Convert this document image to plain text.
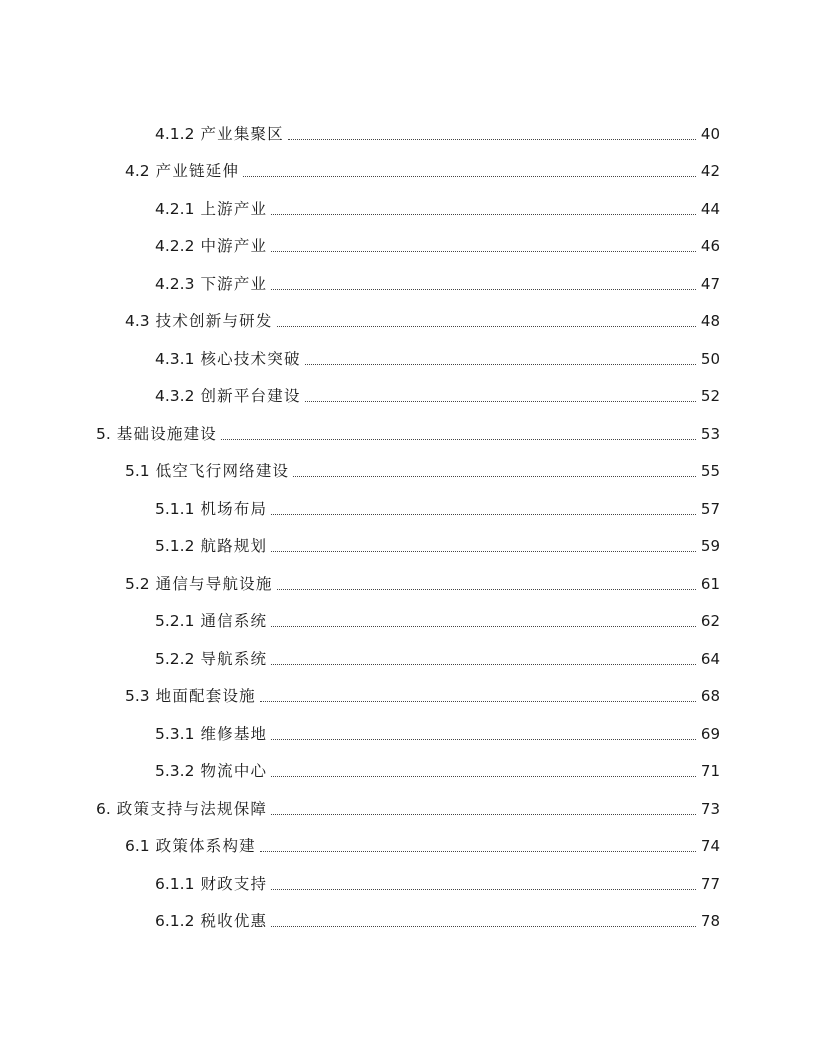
4.1.2 产业集聚区	40
4.2 产业链延伸	42
4.2.1 上游产业	44
4.2.2 中游产业	46
4.2.3 下游产业	47
4.3 技术创新与研发	48
4.3.1 核心技术突破	50
4.3.2 创新平台建设	52
5. 基础设施建设	53
5.1 低空飞行网络建设	55
5.1.1 机场布局	57
5.1.2 航路规划	59
5.2 通信与导航设施	61
5.2.1 通信系统	62
5.2.2 导航系统	64
5.3 地面配套设施	68
5.3.1 维修基地	69
5.3.2 物流中心	71
6. 政策支持与法规保障	73
6.1 政策体系构建	74
6.1.1 财政支持	77
6.1.2 税收优惠	78
